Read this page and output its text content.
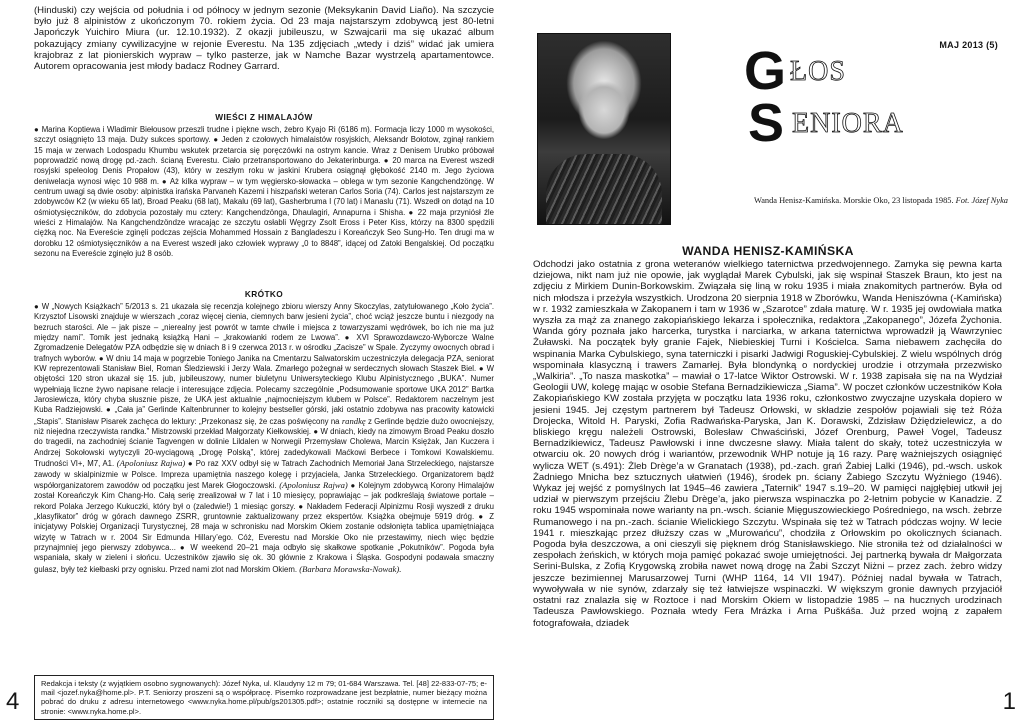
(Hinduski) czy wejścia od południa i od północy w jednym sezonie (Meksykanin David Liaño). Na szczycie było już 8 alpinistów z ukończonym 70. rokiem życia. Od 23 maja najstarszym zdobywcą jest 80-letni Japończyk Yuichiro Miura (ur. 12.10.1932). Z okazji jubileuszu, w Szwajcarii ma się ukazać album pokazujący zmiany cywilizacyjne w rejonie Everestu. Na 135 zdjęciach „wtedy i dziś” widać jak umiera krajobraz z lat pionierskich wypraw – tylko pasterze, jak w Namche Bazar wystrzelą apartamentowce. Autorem opracowania jest młody badacz Rodney Garrard.

WIEŚCI Z HIMALAJÓW

● Marina Koptiewa i Wladimir Biełousow przeszli trudne i piękne wsch, żebro Kyajo Ri (6186 m). Formacja liczy 1000 m wysokości, szczyt osiągnięto 13 maja. Duży sukces sportowy. ● Jeden z czołowych himalaistów rosyjskich, Aleksandr Bołotow, zginął rankiem 15 maja w zerwach Lodospadu Khumbu wskutek przetarcia się poręczówki na ostrym kancie. Wraz z Denisem Urubko próbował poprowadzić nową drogę pd.-zach. ścianą Everestu. Ciało przetransportowano do Jekaterinburga. ● 20 marca na Everest wszedł rosyjski speleolog Denis Propałow (43), który w zeszłym roku w jaskini Krubera osiągnął głębokość 2140 m. Jego życiowa deniwelacja wynosi więc 10 988 m. ● Aż kilka wypraw – w tym węgiersko-słowacka – oblega w tym sezonie Kangchendzöngę. W centrum uwagi są dwie osoby: alpinistka irańska Parvaneh Kazemi i hiszpański weteran Carlos Soria (74). Carlos jest najstarszym ze zdobywców K2 (w wieku 65 lat), Broad Peaku (68 lat), Makalu (69 lat), Gasherbruma I (70 lat) i Manaslu (71). Wszedł on dotąd na 10 ośmiotysięczników, do zdobycia pozostały mu cztery: Kangchendzönga, Dhaulagiri, Annapurna i Shisha. ● 22 maja przyniósł źle wieści z Himalajów. Na Kangchendzöndze wracając ze szczytu osłabli Węgrzy Zsolt Eross i Peter Kiss, którzy na 8300 spędzili ciężką noc. Na Evereście zginęli podczas zejścia Mohammed Hossain z Bangladeszu i Koreańczyk Seo Sung-Ho. Ten drugi ma w dorobku 12 ośmiotysięczników a na Everest wszedł jako człowiek wyprawy „0 to 8848”, idącej od Zatoki Bengalskiej. Od początku sezonu na Evereście zginęło już 8 osób.

KRÓTKO

● W „Nowych Książkach” 5/2013 s. 21 ukazała się recenzja kolejnego zbioru wierszy Anny Skoczylas, zatytułowanego „Koło życia”. Krzysztof Lisowski znajduje w wierszach „coraz więcej cienia, ciemnych barw jesieni życia”, choć wciąż jeszcze buntu i niezgody na bezruch starości. Ale – jak pisze – „nierealny jest powrót w tamte chwile i miejsca z towarzyszami wędrówek, bo ich nie ma już między nami”. Tomik jest jednaką książką Hani – „krakowianki rodem ze Lwowa”. ● XVI Sprawozdawczo-Wyborcze Walne Zgromadzenie Delegatów PZA odbędzie się w dniach 8 i 9 czerwca 2013 r. w ośrodku „Zacisze” w Spale. Życzymy owocnych obrad i trafnych wyborów. ● W dniu 14 maja w pogrzebie Toniego Janika na Cmentarzu Salwatorskim uczestniczyła delegacja PZA, seniorat KW reprezentowali Stanisław Biel, Roman Śledziewski i Jerzy Wala. Zmarłego pożegnał w serdecznych słowach Staszek Biel. ● W objętości 120 stron ukazał się 15. jub, jubileuszowy, numer biuletynu Uniwersyteckiego Klubu Alpinistycznego „BUKA”. Numer wypełniają liczne żywo napisane relacje i interesujące zdjęcia. Polecamy szczególnie „Podsumowanie sportowe UKA 2012” Bartka Jarosiewicza, który chyba słusznie pisze, że UKA jest aktualnie „najmocniejszym klubem w Polsce”. Redaktorem naczelnym jest Kuba Radziejowski. ● „Cała ja” Gerlinde Kaltenbrunner to kolejny bestseller górski, jaki ostatnio zdobywa nas pracowity katowicki „Stapis”. Stanisław Pisarek zachęca do lektury: „Przekonasz się, że czas poświęcony na randkę z Gerlinde będzie dużo owocniejszy, niż niejedna rzeczywista randka.” Mistrzowski przekład Małgorzaty Kiełkowskiej. ● W dniach, kiedy na zimowym Broad Peaku doszło do tragedii, na zachodniej ścianie Tagvengen w dolinie Lildalen w Norwegii Przemysław Cholewa, Marcin Księżak, Jan Kuczera i Andrzej Sokołowski wytyczyli 20-wyciągową „Drogę Polską”, której zadedykowali Maćkowi Berbece i Tomkowi Kowalskiemu. Trudności VI+, M7, A1. (Apoloniusz Rajwa) ● Po raz XXV odbył się w Tatrach Zachodnich Memoriał Jana Strzeleckiego, najstarsze zawody w skialpinizmie w Polsce. Impreza upamiętnia naszego kolegę i przyjaciela, Janka Strzeleckiego. Organizatorem bądź współorganizatorem zawodów od początku jest Marek Głogoczowski. (Apoloniusz Rajwa) ● Kolejnym zdobywcą Korony Himalajów został Koreańczyk Kim Chang-Ho. Całą serię zrealizował w 7 lat i 10 miesięcy, poprawiając – jak podkreślają światowe portale – rekord Polaka Jerzego Kukuczki, który był o (zaledwie!) 1 miesiąc gorszy. ● Nakładem Federacji Alpinizmu Rosji wyszedł z druku „klasyfikator” dróg w górach dawnego ZSRR, gruntownie zaktualizowany przez ekspertów. Książka obejmuje 5919 dróg. ● Z inicjatywy Polskiej Organizacji Turystycznej, 28 maja w schronisku nad Morskim Okiem zostanie odsłonięta tablica upamiętniająca wizytę w Tatrach w r. 2004 Sir Edmunda Hillary’ego. Cóż, Everestu nad Morskie Oko nie przestawimy, niech więc będzie przynajmniej jego pierwszy zdobywca... ● W weekend 20–21 maja odbyło się skałkowe spotkanie „Pokutników”. Pogoda była wspaniała, skały w zieleni i słońcu. Uczestników zjawiło się ok. 30 głównie z Krakowa i Śląska. Gospodyni podawała smaczny gulasz, były też kiełbaski przy ognisku. Przed nami zlot nad Morskim Okiem. (Barbara Morawska-Nowak).

Redakcja i teksty (z wyjątkiem osobno sygnowanych): Józef Nyka, ul. Klaudyny 12 m 79; 01-684 Warszawa. Tel. [48] 22-833-07-75; e-mail <jozef.nyka@home.pl>. P.T. Seniorzy proszeni są o współpracę. Pisemko rozprowadzane jest bezpłatnie, numer bieżący można pobrać do druku z adresu internetowego <www.nyka.home.pl/pub/gs201305.pdf>; ostatnie roczniki są dostępne w internecie na stronie: <www.nyka.home.pl>.

4
MAJ 2013 (5)
G ŁOS
S ENIORA
Wanda Henisz-Kamińska. Morskie Oko, 23 listopada 1985. Fot. Józef Nyka
WANDA HENISZ-KAMIŃSKA

Odchodzi jako ostatnia z grona weteranów wielkiego taternictwa przedwojennego. Zamyka się pewna karta dziejowa, nikt nam już nie opowie, jak wyglądał Marek Cybulski, jak się wspinał Staszek Braun, kto jest na zdjęciu z Mirkiem Dunin-Borkowskim. Związała się liną w roku 1935 i miała znakomitych partnerów. Była od nich młodsza i przeżyła wszystkich. Urodzona 20 sierpnia 1918 w Zborówku, Wanda Heniszówna (-Kamińska) w r. 1932 zamieszkała w Zakopanem i tam w 1936 w „Szarotce” zdała maturę. W r. 1935 jej owdowiała matka wyszła za mąż za znanego zakopiańskiego lekarza i społecznika, redaktora „Zakopanego”, Józefa Żychonia. Wanda góry poznała jako harcerka, turystka i narciarka, w arkana taternictwa wprowadził ją Wawrzyniec Żuławski. Na początek były granie Fajek, Niebieskiej Turni i Kościelca. Sama niebawem zachęciła do wspinania Marka Cybulskiego, syna taterniczki i pisarki Jadwigi Roguskiej-Cybulskiej. Z wielu wspólnych dróg wspominała klasyczną i trawers Zamarłej. Była blondynką o nordyckiej urodzie i otrzymała przezwisko „Walkiria”. „To nasza maskotka” – mawiał o 17-latce Wiktor Ostrowski. W r. 1938 zapisała się na na Wydział Geologii UW, kolegę mając w osobie Stefana Bernadzikiewicza „Siama”. W poczet członków uczestników Koła Zakopiańskiego KW została przyjęta w początku lata 1936 roku, członkostwo zwyczajne uzyskała dopiero w jesieni 1945. Jej częstym partnerem był Tadeusz Orłowski, w składzie zespołów pojawiali się też Róża Drojecka, Witold H. Paryski, Zofia Radwańska-Paryska, Jan K. Dorawski, Zdzisław Dżiędzielewicz, a do bliskiego kręgu należeli Ostrowski, Bolesław Chwaściński, Józef Orenburg, Paweł Vogel, Tadeusz Bernadzikiewicz, Tadeusz Pawłowski i inne dwczesne sławy. Miała talent do skały, toteż uczestniczyła w otwarciu ok. 20 nowych dróg i wariantów, przewodnik WHP notuje ją 16 razy. Parę ważniejszych osiągnięć wylicza WET (s.491): Żleb Drège’a w Granatach (1938), pd.-zach. grań Żabiej Lalki (1946), pd.-wsch. uskok Żadniego Mnicha bez sztucznych ułatwień (1946), środek pn. ściany Żabiego Szczytu Wyżniego (1946). Wykaz jej wejść z pomyślnych lat 1945–46 zawiera „Taternik” 1947 s.19–20. W pamięci najgłębiej utkwił jej udział w pierwszym przejściu Żlebu Drège’a, jako pierwsza wspinaczka po 2-letnim pobycie w Kanadzie. Z roku 1945 wspominała nowe warianty na pn.-wsch. ścianie Mięguszowieckiego Pośredniego, na wsch. żebrze Rumanowego i na pn.-zach. ścianie Wielickiego Szczytu. Wspinała się też w Tatrach pódczas wojny. W lecie 1941 r. mieszkając przez dłuższy czas w „Murowańcu”, chodziła z Orłowskim po okolicznych ścianach. Pogoda była deszczowa, a oni cieszyli się pięknem dróg Stanisławskiego. Nie stroniła też od działalności w zespołach żeńskich, w których moja pamięć pokazać swoje umiejętności. Jej partnerką bywała dr Małgorzata Serini-Bulska, z Zofią Krygowską zrobiła nawet nową drogę na Żabi Szczyt Niżni – przez zach. żebro widzy jeszcze bezimiennej Marusarzowej Turni (WHP 1164, 14 VII 1947). Później nadal bywała w Tatrach, wywoływała w nie synów, zdarzały się też łatwiejsze wspinaczki. W większym gronie dawnych przyjaciół ostatni raz znalazła się w Roztoce i nad Morskim Okiem w listopadzie 1985 – na hucznych urodzinach Tadeusza Pawłowskiego. Poznała wtedy Fera Mrázka i Arna Puškáša. Już przed wojną z zapałem fotografowała, dziadek

1
